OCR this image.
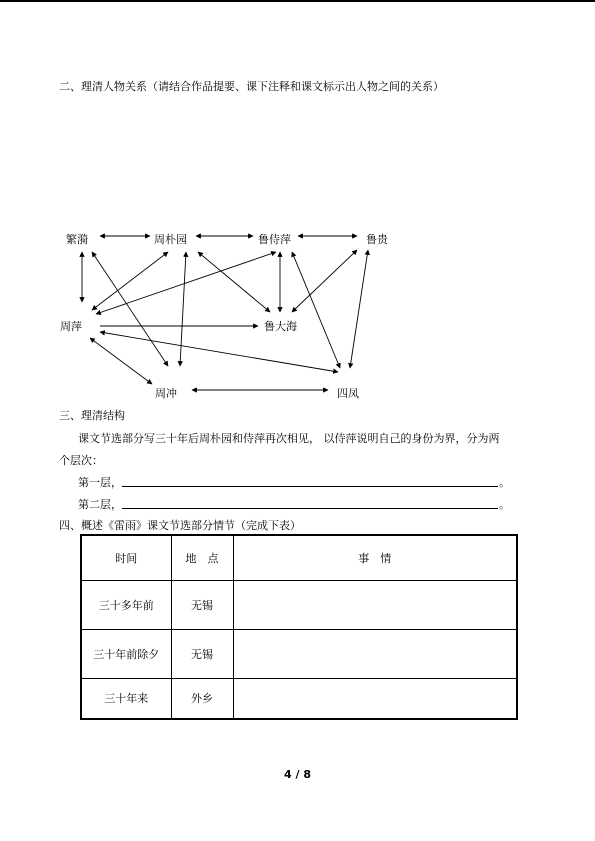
二、理清人物关系（请结合作品提要、课下注释和课文标示出人物之间的关系）
繁漪	周朴园	鲁侍萍	鲁贵
周萍	鲁大海
周冲	四凤
三、理清结构
课文节选部分写三十年后周朴园和侍萍再次相见， 以侍萍说明自己的身份为界，分为两
个层次：
第一层，	。
第二层，	。
四、概述《雷雨》课文节选部分情节（完成下表）
时间	地　点	事　情
三十多年前	无锡	
三十年前除夕	无锡	
三十年来	外乡	
4 / 8
